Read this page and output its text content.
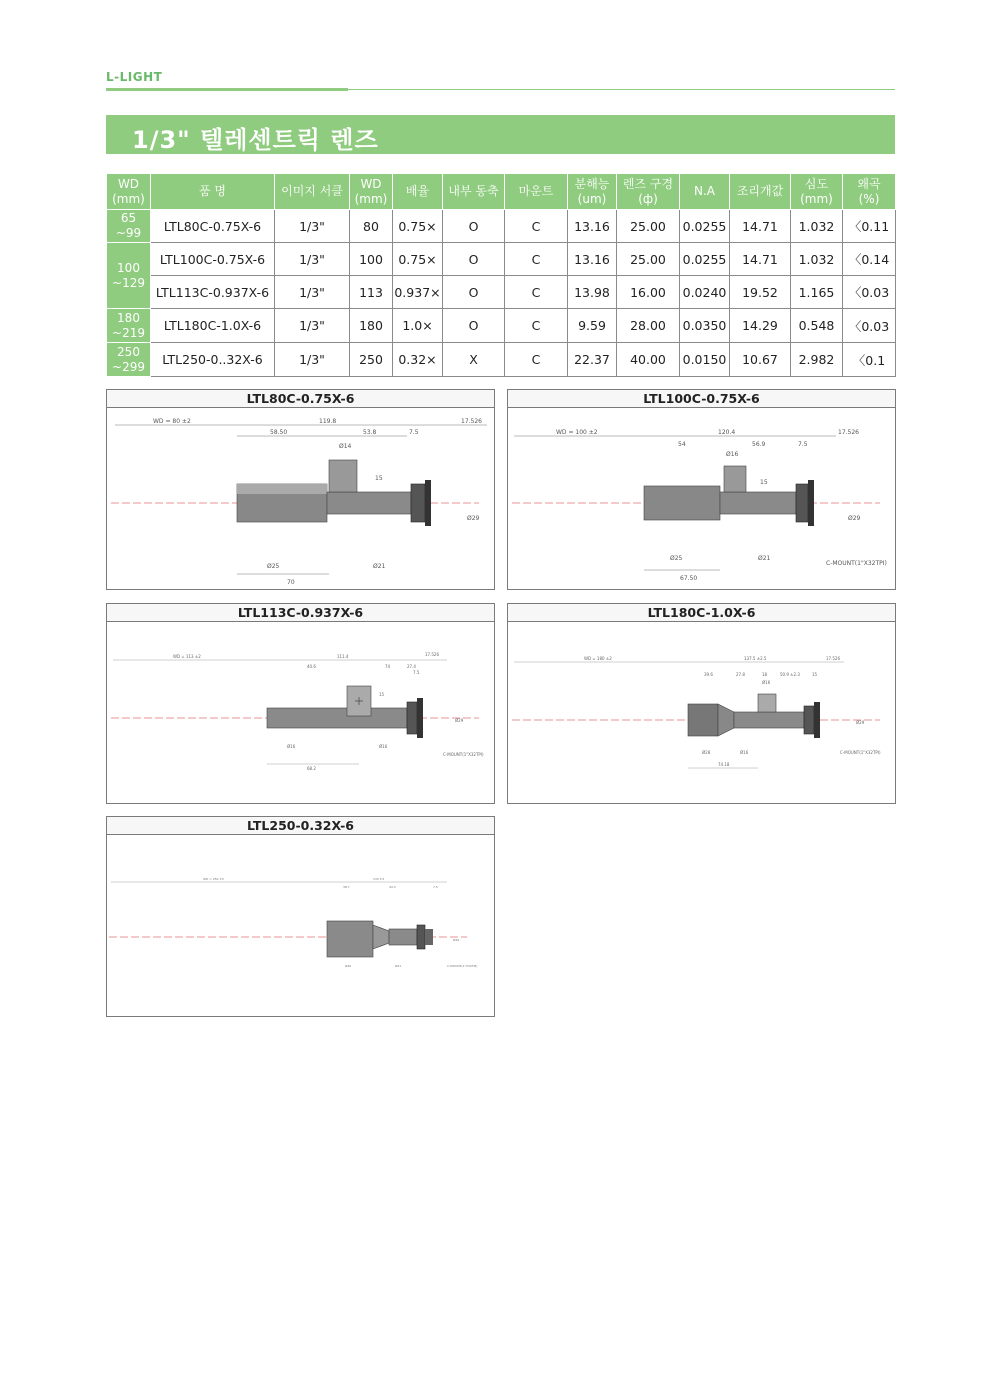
L-LIGHT
1/3" 텔레센트릭 렌즈
WD
(mm)	품 명	이미지 서클	WD
(mm)	배율	내부 동축	마운트	분해능
(um)	렌즈 구경
(ф)	N.A	조리개값	심도
(mm)	왜곡
(%)
65
~99	LTL80C-0.75X-6	1/3"	80	0.75×	O	C	13.16	25.00	0.0255	14.71	1.032	〈0.11
100
~129	LTL100C-0.75X-6	1/3"	100	0.75×	O	C	13.16	25.00	0.0255	14.71	1.032	〈0.14
	LTL113C-0.937X-6	1/3"	113	0.937×	O	C	13.98	16.00	0.0240	19.52	1.165	〈0.03
180
~219	LTL180C-1.0X-6	1/3"	180	1.0×	O	C	9.59	28.00	0.0350	14.29	0.548	〈0.03
250
~299	LTL250-0..32X-6	1/3"	250	0.32×	X	C	22.37	40.00	0.0150	10.67	2.982	〈0.1
LTL80C-0.75X-6
WD = 80 ±2	119.8	17.526
58.50	53.8	7.5
Ø14
15
Ø29
Ø25	Ø21
70
LTL100C-0.75X-6
WD = 100 ±2	120.4	17.526
54	56.9	7.5
Ø16
15
Ø29
Ø25	Ø21
C-MOUNT(1"X32TPI)
67.50
LTL113C-0.937X-6
WD = 113 ±2	111.4	17.526
40.6	74	27.4
7.5
15
Ø29
Ø16	Ø16
C-MOUNT(1"X32TPI)
68.2
LTL180C-1.0X-6
WD = 180 ±2	137.5 ±2.5	17.526
39.6	27.8	18	50.9 ±2.3	15
Ø16
Ø29
Ø28	Ø16	C-MOUNT(1"X32TPI)
74.18
LTL250-0.32X-6
WD = 250 ±5	130 ±3
38.7	44.3	7.5
Ø29
Ø40	Ø21	C-MOUNT(1"X32TPI)
